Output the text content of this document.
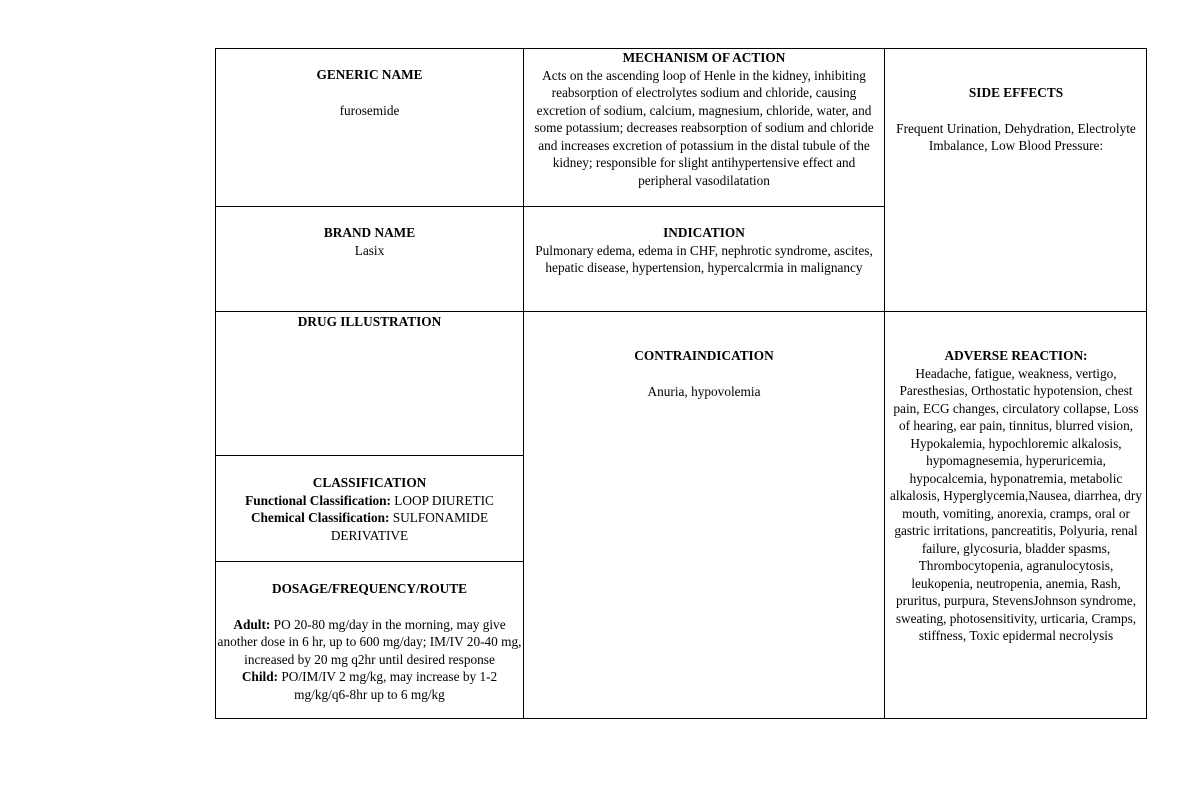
GENERIC NAME

furosemide

MECHANISM OF ACTION

Acts on the ascending loop of Henle in the kidney, inhibiting reabsorption of electrolytes sodium and chloride, causing excretion of sodium, calcium, magnesium, chloride, water, and some potassium; decreases reabsorption of sodium and chloride and increases excretion of potassium in the distal tubule of the kidney; responsible for slight antihypertensive effect and peripheral vasodilatation

SIDE EFFECTS

Frequent Urination, Dehydration, Electrolyte Imbalance, Low Blood Pressure:

BRAND NAME

Lasix

INDICATION

Pulmonary edema, edema in CHF, nephrotic syndrome, ascites, hepatic disease, hypertension, hypercalcrmia in malignancy

DRUG ILLUSTRATION

CONTRAINDICATION

Anuria, hypovolemia

ADVERSE REACTION:

Headache, fatigue, weakness, vertigo, Paresthesias, Orthostatic hypotension, chest pain, ECG changes, circulatory collapse, Loss of hearing, ear pain, tinnitus, blurred vision, Hypokalemia, hypochloremic alkalosis, hypomagnesemia, hyperuricemia, hypocalcemia, hyponatremia, metabolic alkalosis, Hyperglycemia,Nausea, diarrhea, dry mouth, vomiting, anorexia, cramps, oral or gastric irritations, pancreatitis, Polyuria, renal failure, glycosuria, bladder spasms, Thrombocytopenia, agranulocytosis, leukopenia, neutropenia, anemia, Rash, pruritus, purpura, StevensJohnson syndrome, sweating, photosensitivity, urticaria, Cramps, stiffness, Toxic epidermal necrolysis

CLASSIFICATION

Functional Classification: LOOP DIURETIC

Chemical Classification: SULFONAMIDE DERIVATIVE

DOSAGE/FREQUENCY/ROUTE

Adult: PO 20-80 mg/day in the morning, may give another dose in 6 hr, up to 600 mg/day; IM/IV 20-40 mg, increased by 20 mg q2hr until desired response

Child: PO/IM/IV 2 mg/kg, may increase by 1-2 mg/kg/q6-8hr up to 6 mg/kg
